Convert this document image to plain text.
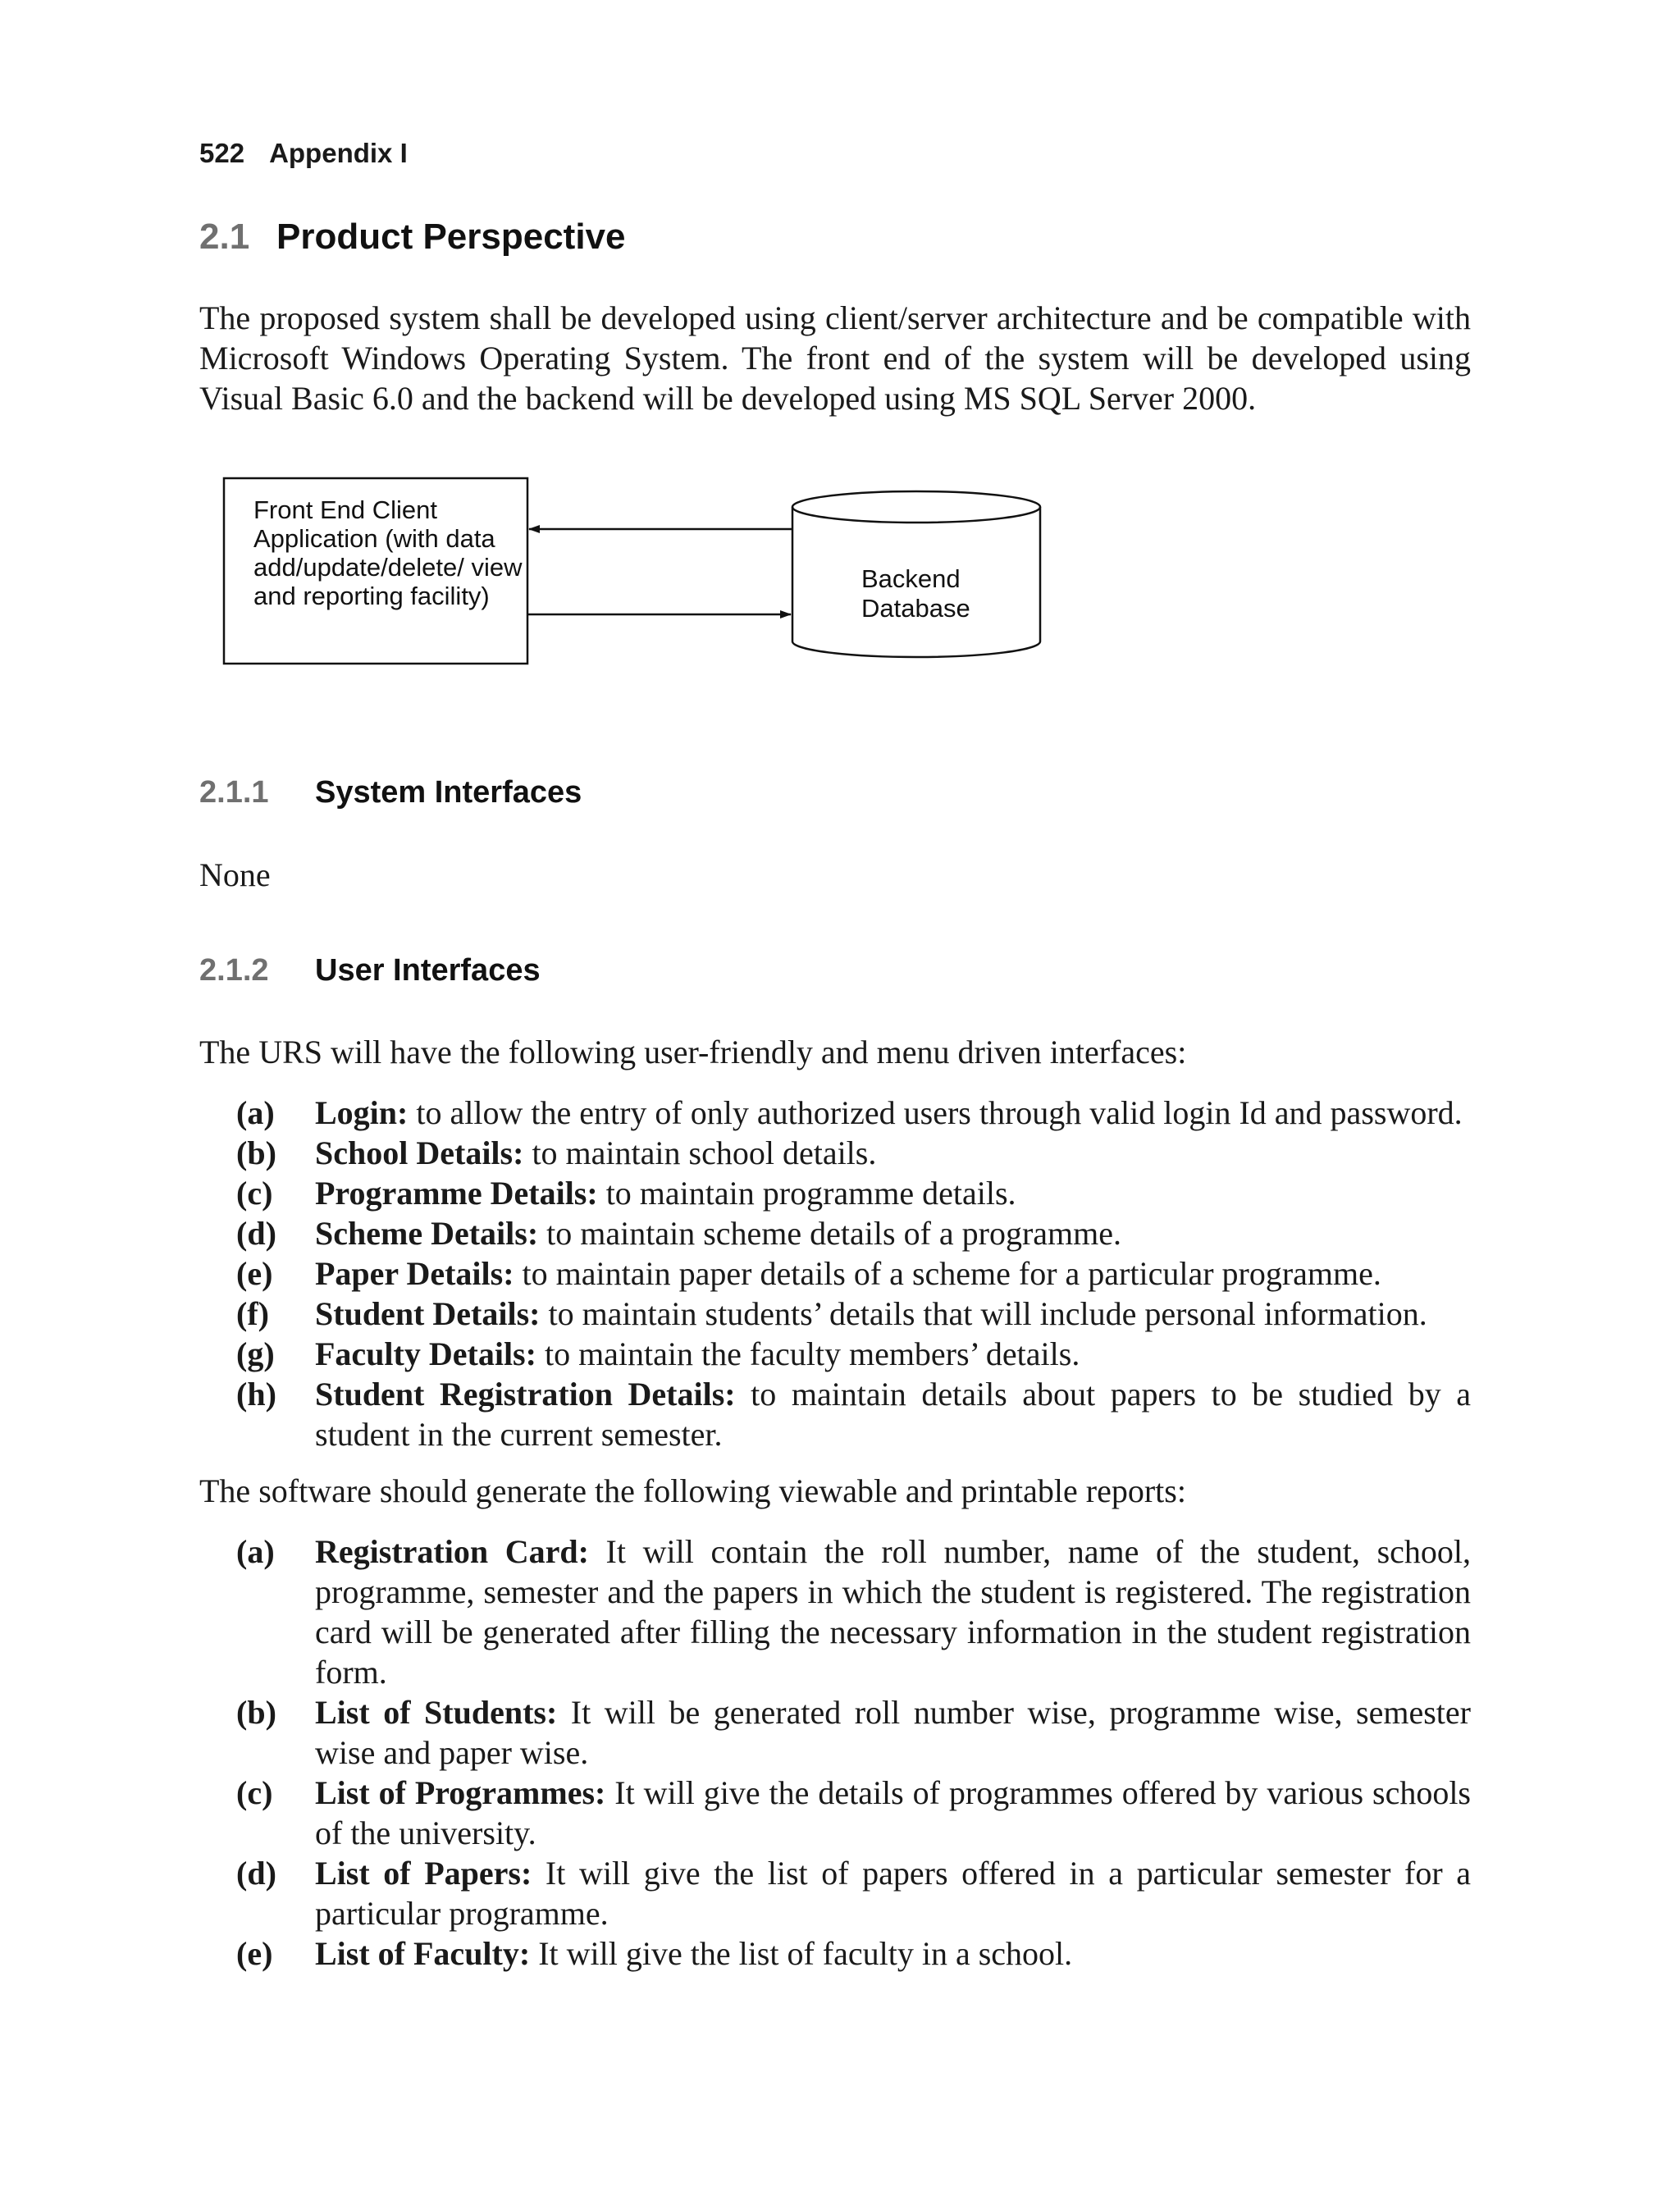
522 Appendix I
2.1 Product Perspective
The proposed system shall be developed using client/server architecture and be compatible with Microsoft Windows Operating System. The front end of the system will be developed using Visual Basic 6.0 and the backend will be developed using MS SQL Server 2000.
Front End Client Application (with data add/update/delete/ view and reporting facility)
Backend Database
2.1.1 System Interfaces
None
2.1.2 User Interfaces
The URS will have the following user-friendly and menu driven interfaces:
(a) Login: to allow the entry of only authorized users through valid login Id and password.
(b) School Details: to maintain school details.
(c) Programme Details: to maintain programme details.
(d) Scheme Details: to maintain scheme details of a programme.
(e) Paper Details: to maintain paper details of a scheme for a particular programme.
(f) Student Details: to maintain students’ details that will include personal information.
(g) Faculty Details: to maintain the faculty members’ details.
(h) Student Registration Details: to maintain details about papers to be studied by a student in the current semester.
The software should generate the following viewable and printable reports:
(a) Registration Card: It will contain the roll number, name of the student, school, programme, semester and the papers in which the student is registered. The registration card will be generated after filling the necessary information in the student registration form.
(b) List of Students: It will be generated roll number wise, programme wise, semester wise and paper wise.
(c) List of Programmes: It will give the details of programmes offered by various schools of the university.
(d) List of Papers: It will give the list of papers offered in a particular semester for a particular programme.
(e) List of Faculty: It will give the list of faculty in a school.
